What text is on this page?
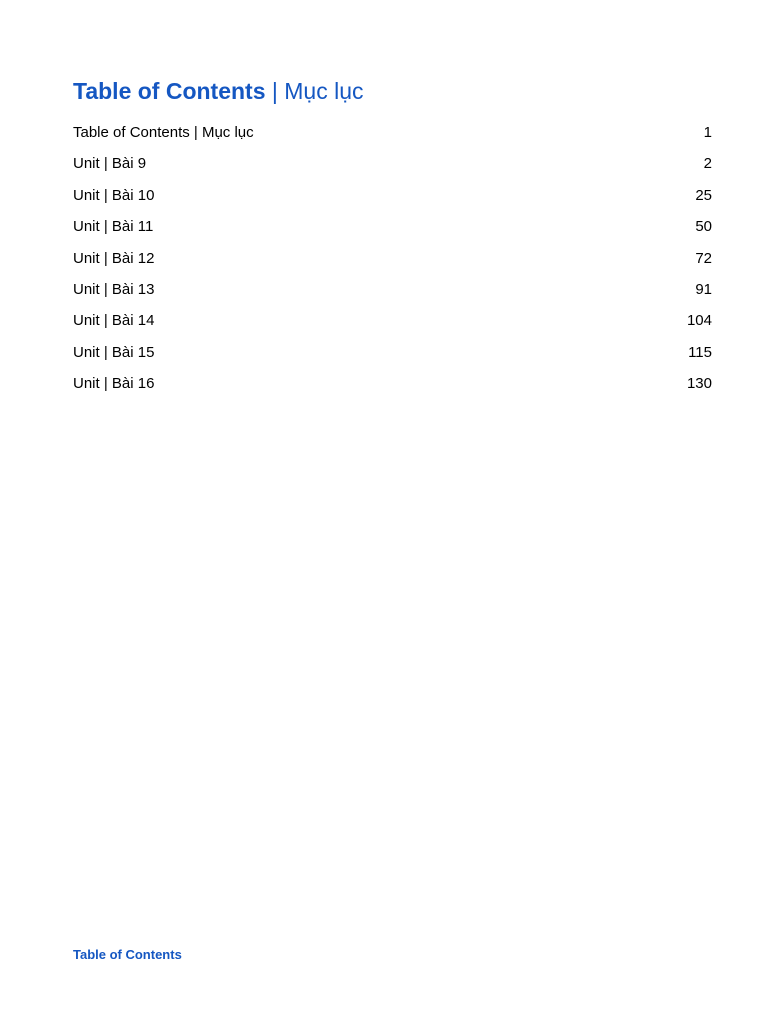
Table of Contents | Mục lục
Table of Contents | Mục lục	1
Unit | Bài 9	2
Unit | Bài 10	25
Unit | Bài 11	50
Unit | Bài 12	72
Unit | Bài 13	91
Unit | Bài 14	104
Unit | Bài 15	115
Unit | Bài 16	130
Table of Contents
